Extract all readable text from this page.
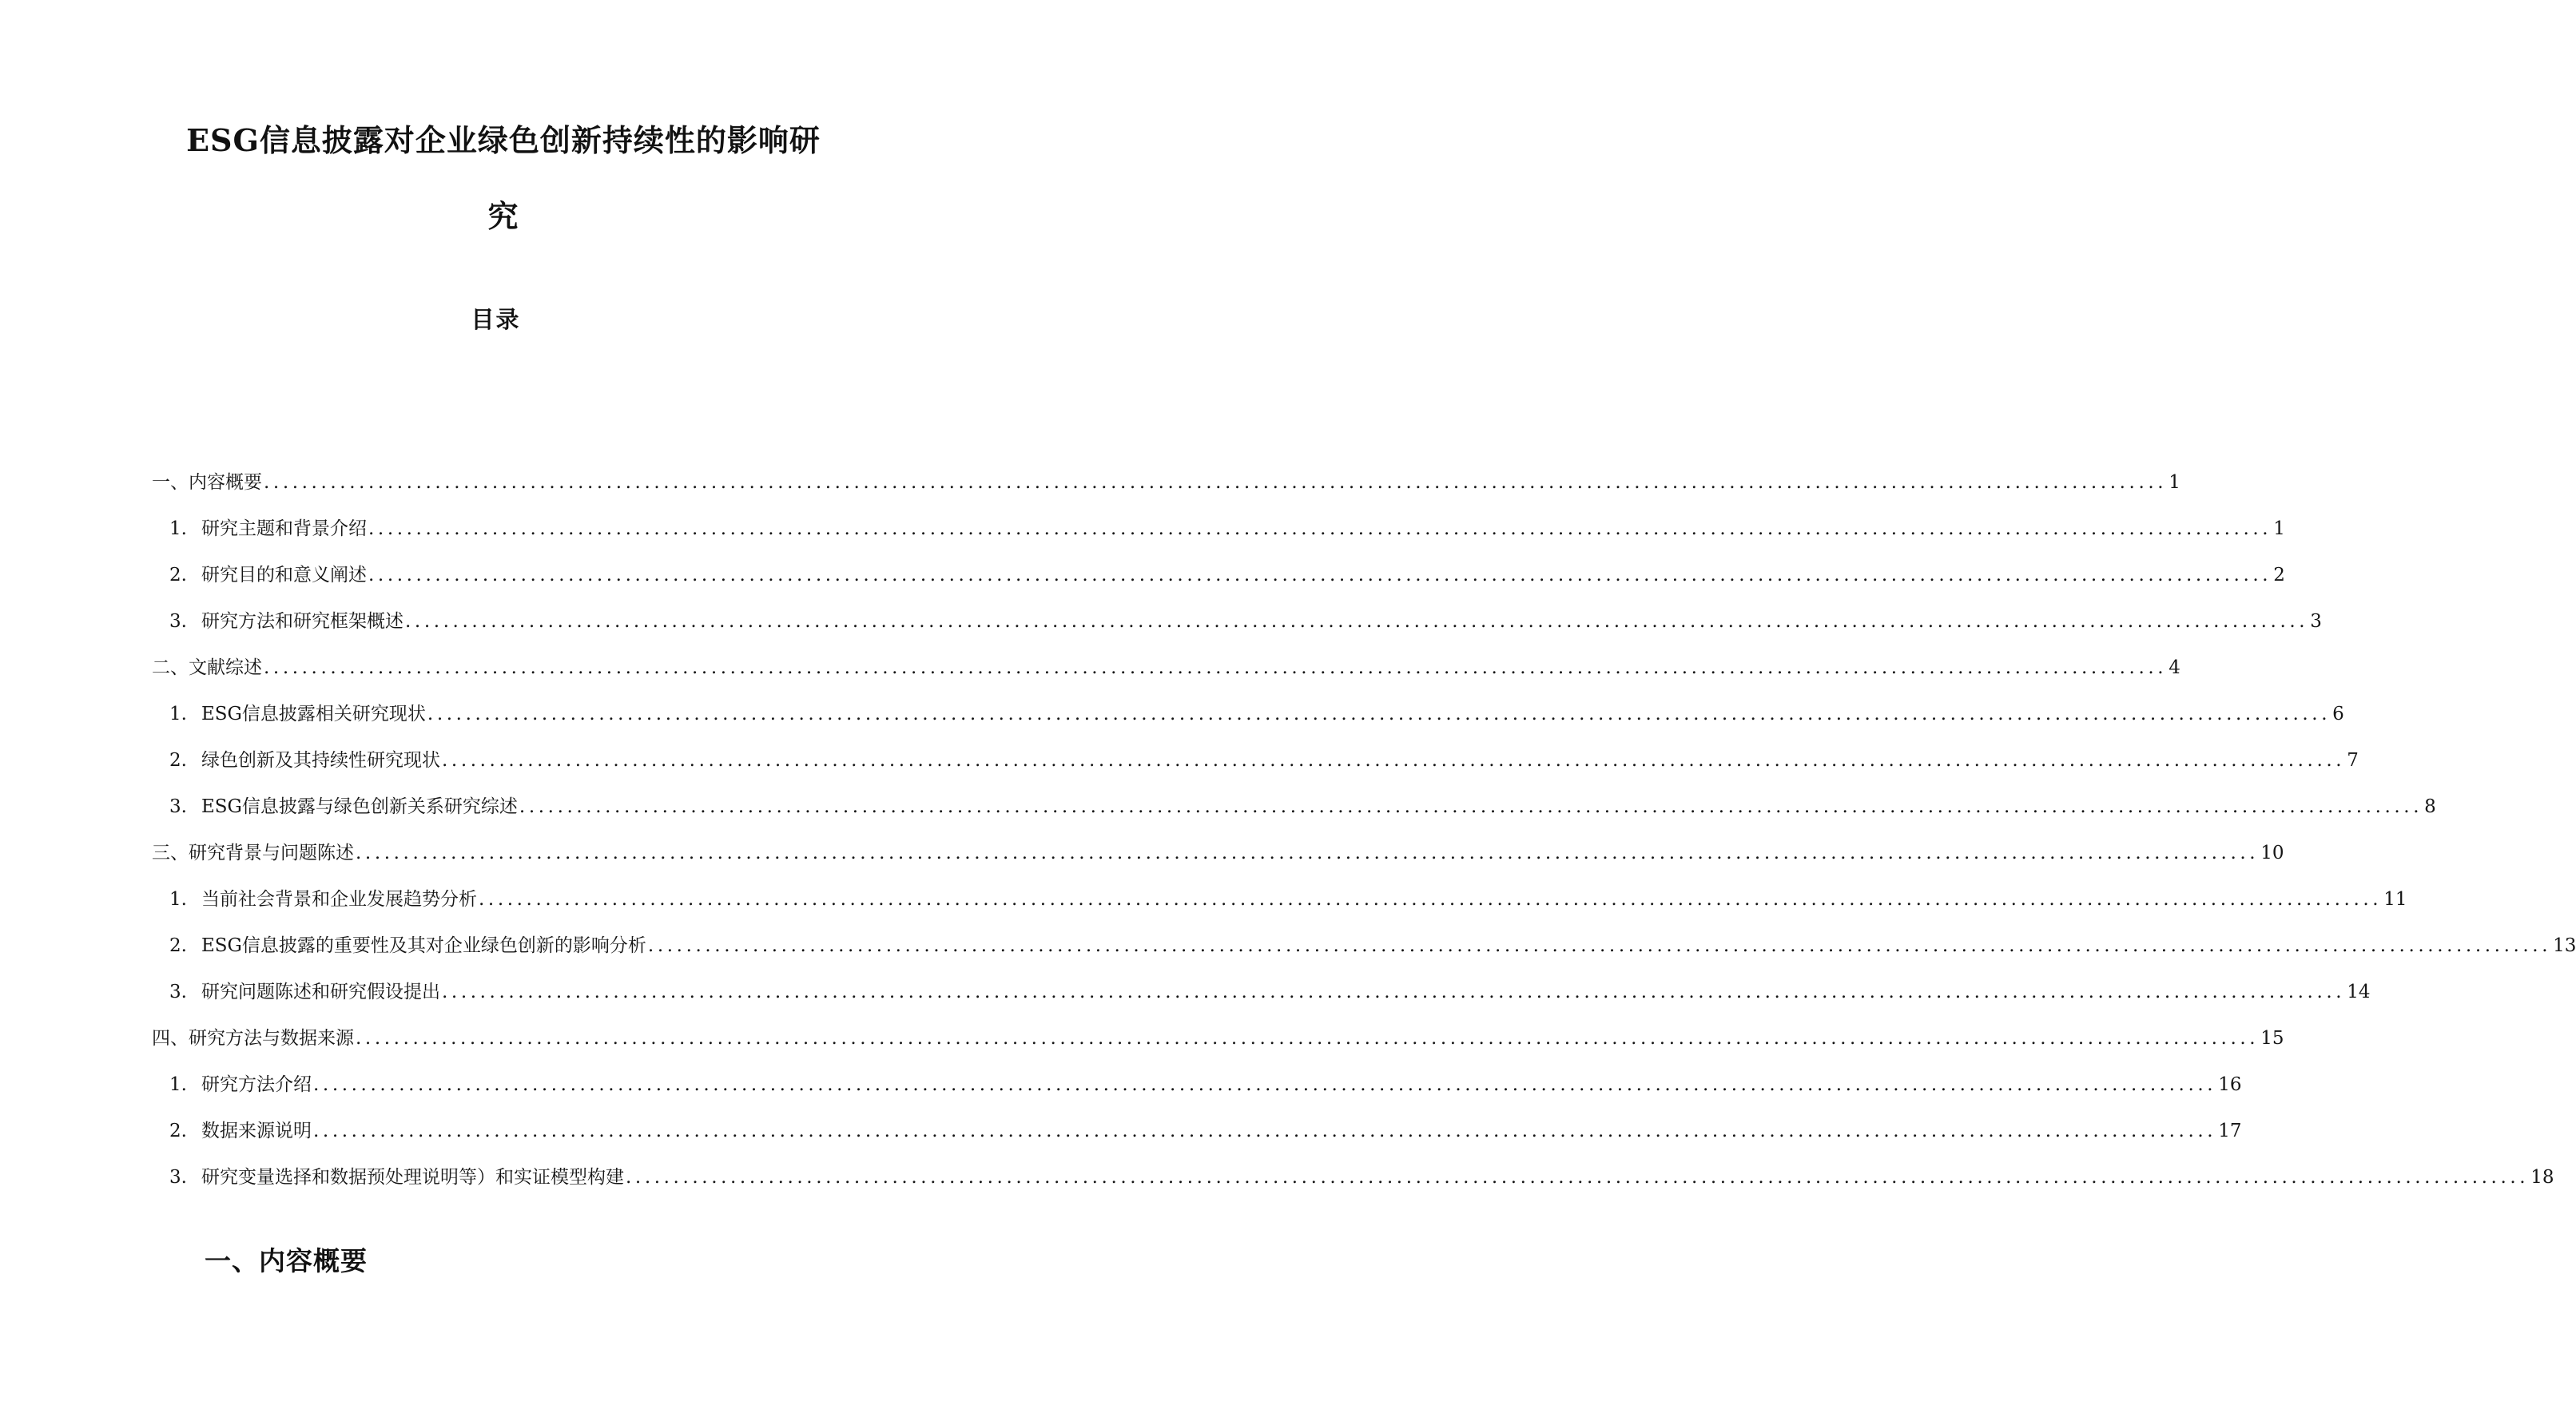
ESG信息披露对企业绿色创新持续性的影响研
究
目录
一、内容概要 ........................................................................................................................................................................................................ 1
1. 研究主题和背景介绍 ........................................................................................................................................................................................................ 1
2. 研究目的和意义阐述 ........................................................................................................................................................................................................ 2
3. 研究方法和研究框架概述 ........................................................................................................................................................................................................ 3
二、文献综述 ........................................................................................................................................................................................................ 4
1. ESG信息披露相关研究现状 ........................................................................................................................................................................................................ 6
2. 绿色创新及其持续性研究现状 ........................................................................................................................................................................................................ 7
3. ESG信息披露与绿色创新关系研究综述 ........................................................................................................................................................................................................ 8
三、研究背景与问题陈述 ........................................................................................................................................................................................................ 10
1. 当前社会背景和企业发展趋势分析 ........................................................................................................................................................................................................ 11
2. ESG信息披露的重要性及其对企业绿色创新的影响分析 ........................................................................................................................................................................................................ 13
3. 研究问题陈述和研究假设提出 ........................................................................................................................................................................................................ 14
四、研究方法与数据来源 ........................................................................................................................................................................................................ 15
1. 研究方法介绍 ........................................................................................................................................................................................................ 16
2. 数据来源说明 ........................................................................................................................................................................................................ 17
3. 研究变量选择和数据预处理说明等）和实证模型构建 ........................................................................................................................................................................................................ 18
一、内容概要
